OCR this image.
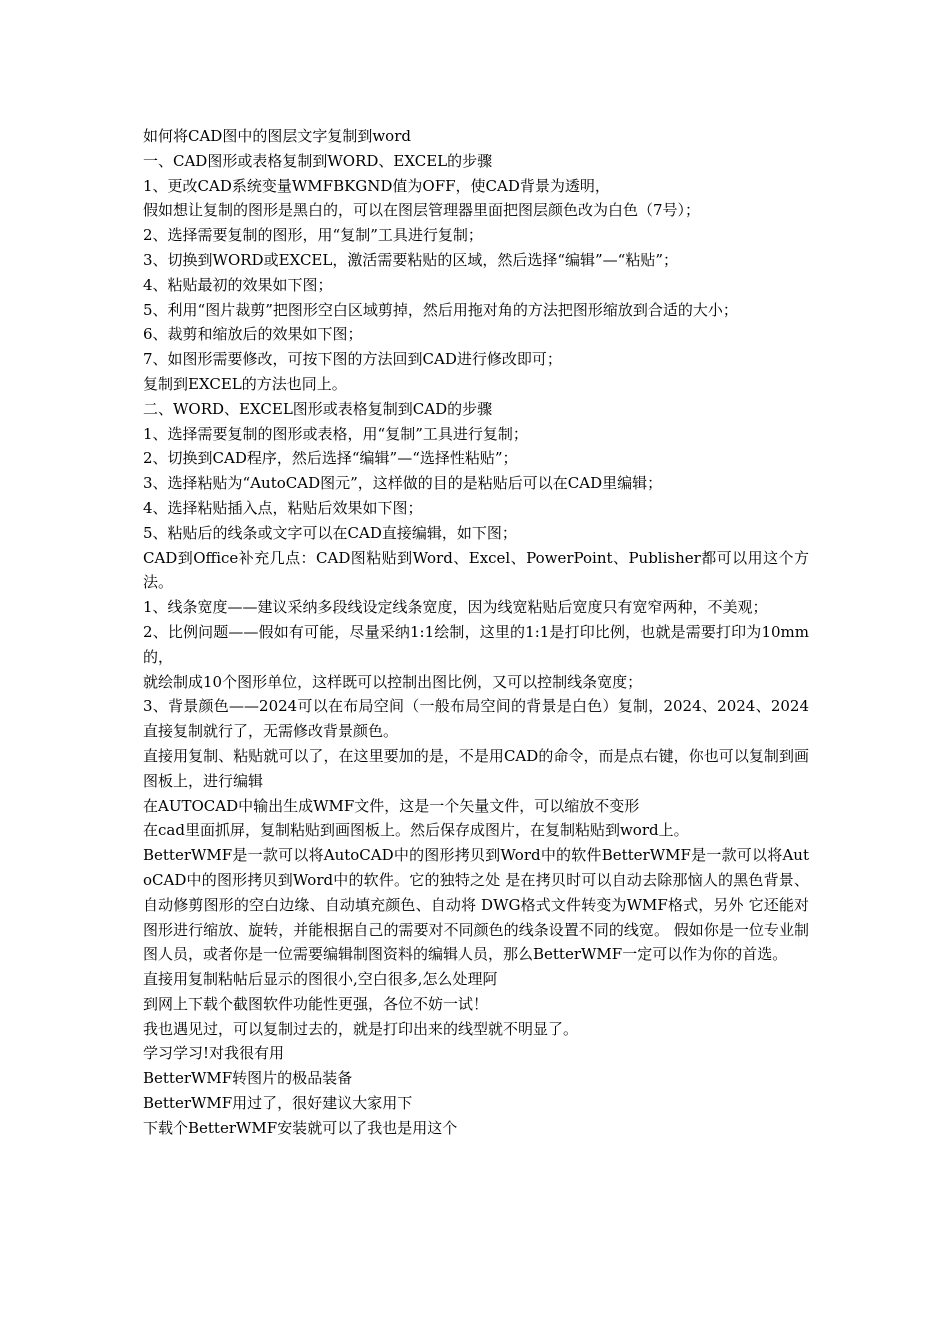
如何将CAD图中的图层文字复制到word

一、CAD图形或表格复制到WORD、EXCEL的步骤

1、更改CAD系统变量WMFBKGND值为OFF，使CAD背景为透明，

假如想让复制的图形是黑白的，可以在图层管理器里面把图层颜色改为白色（7号）；

2、选择需要复制的图形，用“复制”工具进行复制；

3、切换到WORD或EXCEL，激活需要粘贴的区域，然后选择“编辑”—“粘贴”；

4、粘贴最初的效果如下图；

5、利用“图片裁剪”把图形空白区域剪掉，然后用拖对角的方法把图形缩放到合适的大小；

6、裁剪和缩放后的效果如下图；

7、如图形需要修改，可按下图的方法回到CAD进行修改即可；

复制到EXCEL的方法也同上。

二、WORD、EXCEL图形或表格复制到CAD的步骤

1、选择需要复制的图形或表格，用“复制”工具进行复制；

2、切换到CAD程序，然后选择“编辑”—“选择性粘贴”；

3、选择粘贴为“AutoCAD图元”，这样做的目的是粘贴后可以在CAD里编辑；

4、选择粘贴插入点，粘贴后效果如下图；

5、粘贴后的线条或文字可以在CAD直接编辑，如下图；

CAD到Office补充几点：CAD图粘贴到Word、Excel、PowerPoint、Publisher都可以用这个方法。

1、线条宽度——建议采纳多段线设定线条宽度，因为线宽粘贴后宽度只有宽窄两种，不美观；

2、比例问题——假如有可能，尽量采纳1:1绘制，这里的1:1是打印比例，也就是需要打印为10mm的，

就绘制成10个图形单位，这样既可以控制出图比例，又可以控制线条宽度；

3、背景颜色——2024可以在布局空间（一般布局空间的背景是白色）复制，2024、2024、2024直接复制就行了，无需修改背景颜色。

直接用复制、粘贴就可以了，在这里要加的是，不是用CAD的命令，而是点右键，你也可以复制到画图板上，进行编辑

在AUTOCAD中输出生成WMF文件，这是一个矢量文件，可以缩放不变形

在cad里面抓屏，复制粘贴到画图板上。然后保存成图片，在复制粘贴到word上。

BetterWMF是一款可以将AutoCAD中的图形拷贝到Word中的软件BetterWMF是一款可以将AutoCAD中的图形拷贝到Word中的软件。它的独特之处 是在拷贝时可以自动去除那恼人的黑色背景、自动修剪图形的空白边缘、自动填充颜色、自动将 DWG格式文件转变为WMF格式，另外 它还能对图形进行缩放、旋转，并能根据自己的需要对不同颜色的线条设置不同的线宽。 假如你是一位专业制图人员，或者你是一位需要编辑制图资料的编辑人员，那么BetterWMF一定可以作为你的首选。

直接用复制粘帖后显示的图很小,空白很多,怎么处理阿

到网上下载个截图软件功能性更强，各位不妨一试！

我也遇见过，可以复制过去的，就是打印出来的线型就不明显了。

学习学习!对我很有用

BetterWMF转图片的极品装备

BetterWMF用过了，很好建议大家用下

下载个BetterWMF安装就可以了我也是用这个
